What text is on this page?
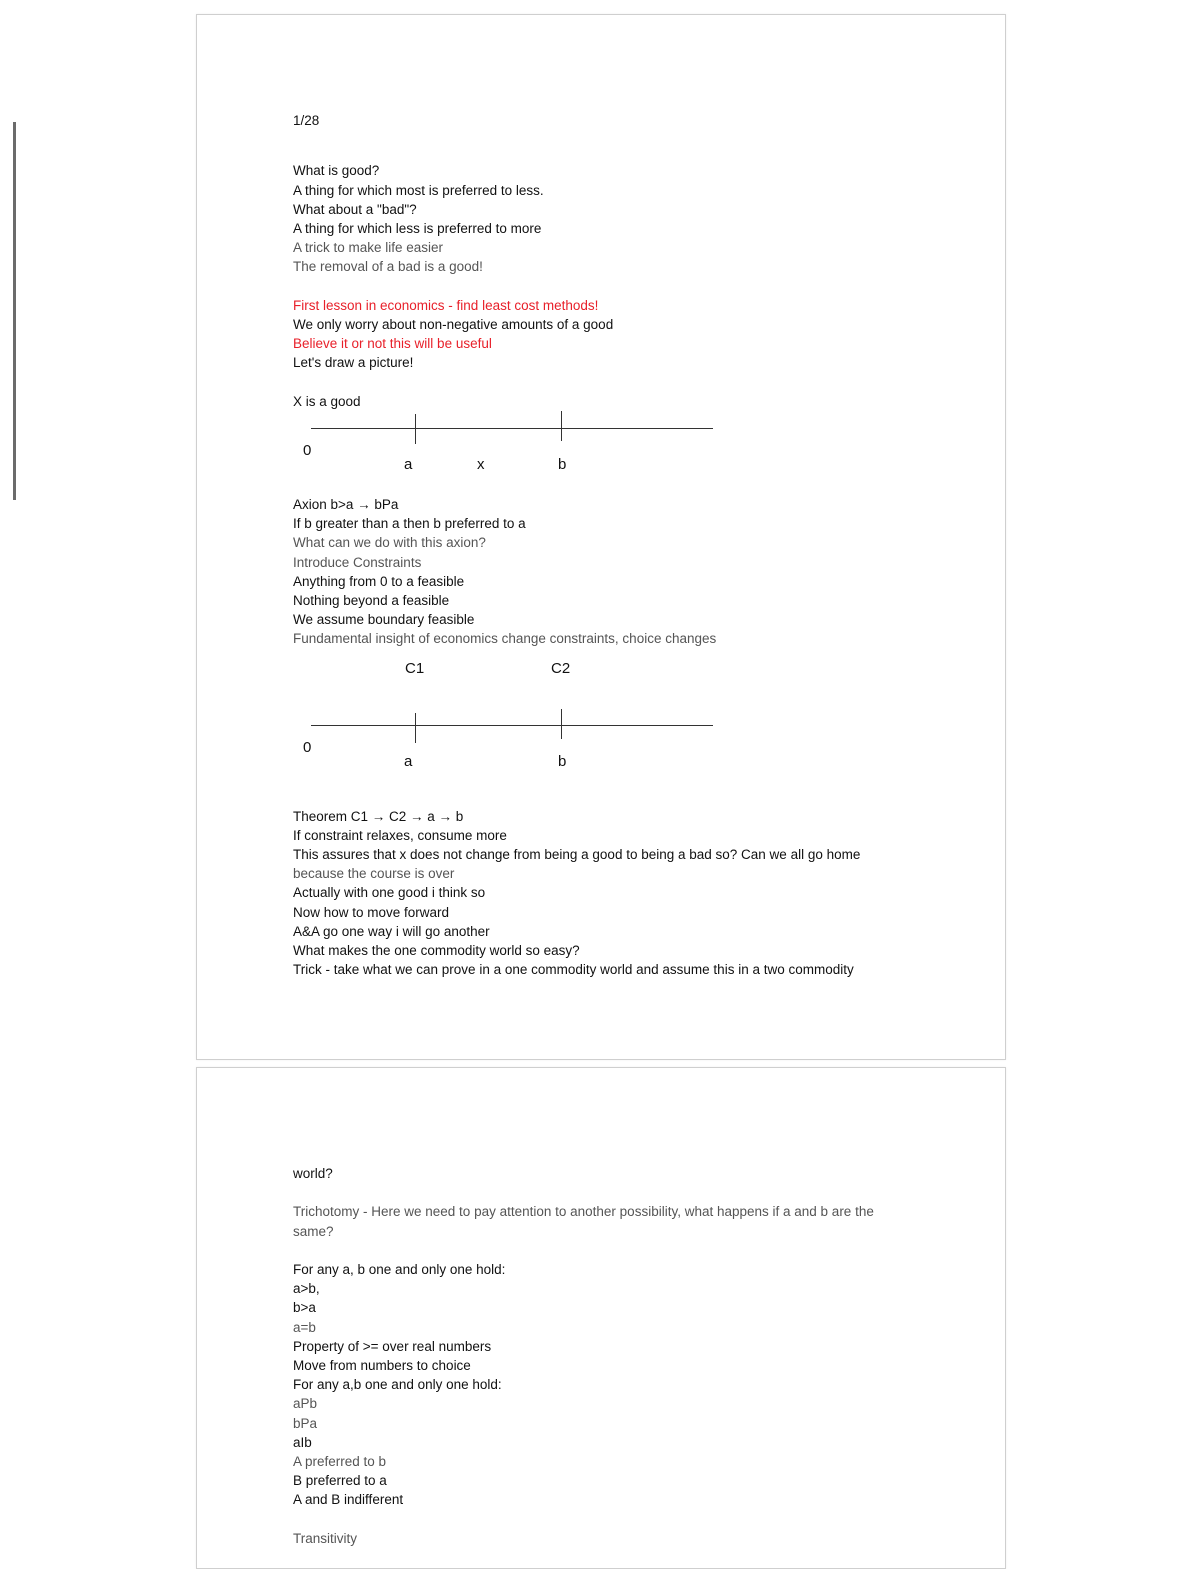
1/28
What is good?
A thing for which most is preferred to less.
What about a "bad"?
A thing for which less is preferred to more
A trick to make life easier
The removal of a bad is a good!
First lesson in economics - find least cost methods!
We only worry about non-negative amounts of a good
Believe it or not this will be useful
Let's draw a picture!
X is a good
0
a	x	b
Axion b>a → bPa
If b greater than a then b preferred to a
What can we do with this axion?
Introduce Constraints
Anything from 0 to a feasible
Nothing beyond a feasible
We assume boundary feasible
Fundamental insight of economics change constraints, choice changes
C1	C2
0
a	b
Theorem C1 → C2 → a → b
If constraint relaxes, consume more
This assures that x does not change from being a good to being a bad so? Can we all go home
because the course is over
Actually with one good i think so
Now how to move forward
A&A go one way i will go another
What makes the one commodity world so easy?
Trick - take what we can prove in a one commodity world and assume this in a two commodity
world?
Trichotomy - Here we need to pay attention to another possibility, what happens if a and b are the same?
For any a, b one and only one hold:
a>b,
b>a
a=b
Property of >= over real numbers
Move from numbers to choice
For any a,b one and only one hold:
aPb
bPa
aIb
A preferred to b
B preferred to a
A and B indifferent
Transitivity
